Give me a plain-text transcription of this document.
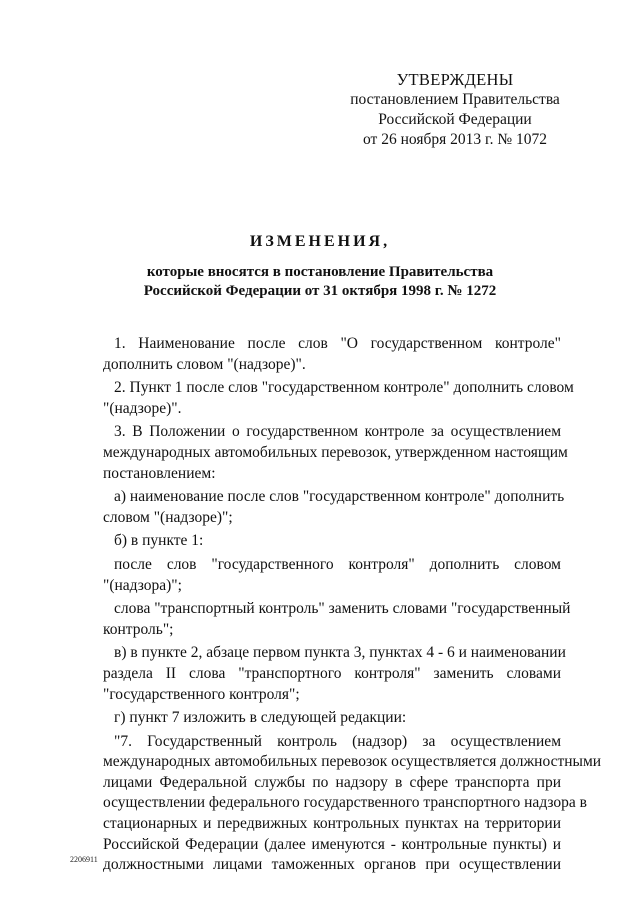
УТВЕРЖДЕНЫ
постановлением Правительства
Российской Федерации
от 26 ноября 2013 г. № 1072
ИЗМЕНЕНИЯ,
которые вносятся в постановление Правительства
Российской Федерации от 31 октября 1998 г. № 1272
1. Наименование после слов "О государственном контроле"
дополнить словом "(надзоре)".
2. Пункт 1 после слов "государственном контроле" дополнить словом
"(надзоре)".
3. В Положении о государственном контроле за осуществлением
международных автомобильных перевозок, утвержденном настоящим
постановлением:
а) наименование после слов "государственном контроле" дополнить
словом "(надзоре)";
б) в пункте 1:
после слов "государственного контроля" дополнить словом
"(надзора)";
слова "транспортный контроль" заменить словами "государственный
контроль";
в) в пункте 2, абзаце первом пункта 3, пунктах 4 - 6 и наименовании
раздела II слова "транспортного контроля" заменить словами
"государственного контроля";
г) пункт 7 изложить в следующей редакции:
"7. Государственный контроль (надзор) за осуществлением
международных автомобильных перевозок осуществляется должностными
лицами Федеральной службы по надзору в сфере транспорта при
осуществлении федерального государственного транспортного надзора в
стационарных и передвижных контрольных пунктах на территории
Российской Федерации (далее именуются - контрольные пункты) и
должностными лицами таможенных органов при осуществлении
2206911
